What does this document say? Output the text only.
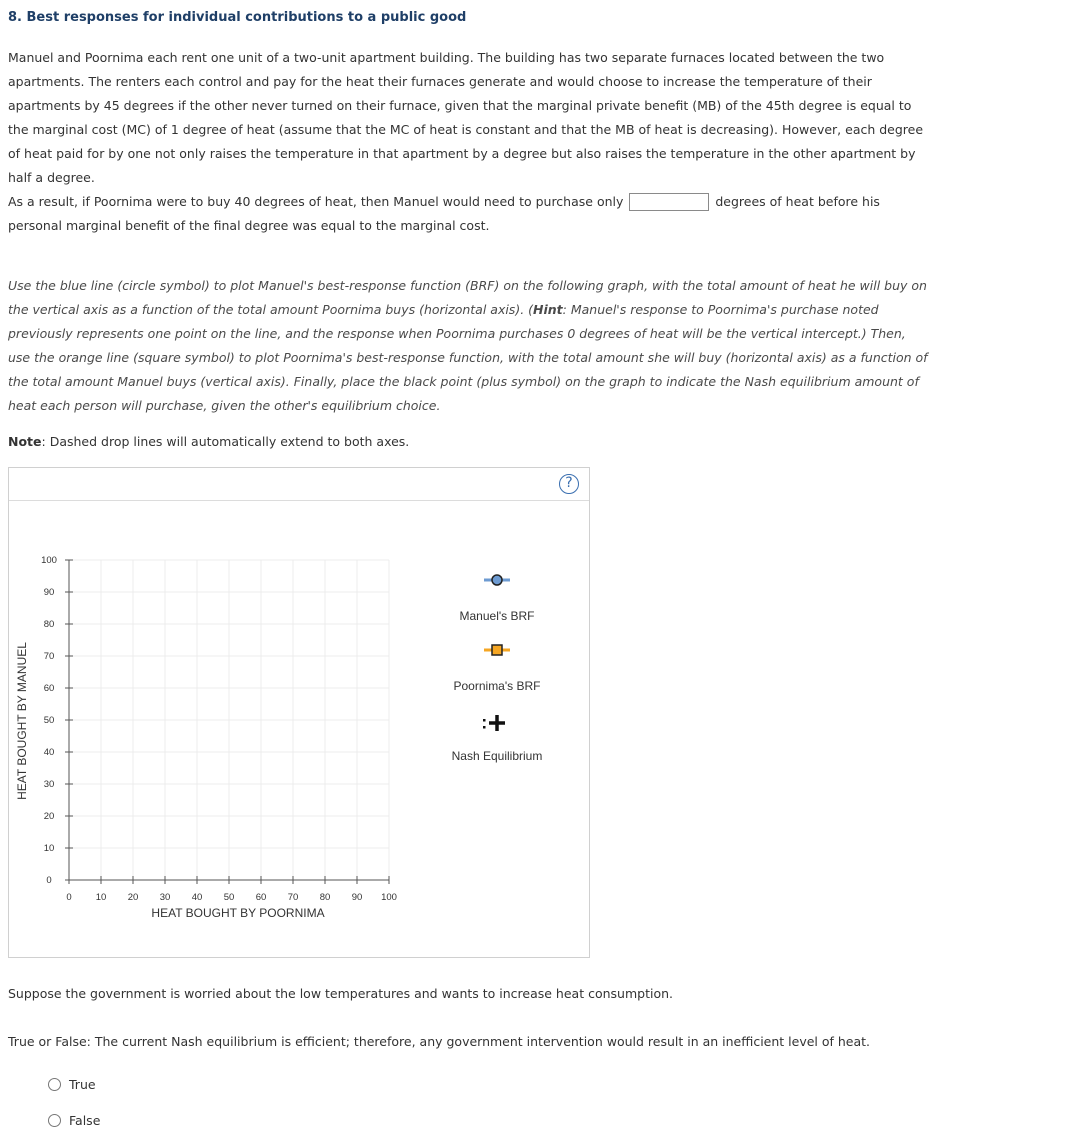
8. Best responses for individual contributions to a public good

Manuel and Poornima each rent one unit of a two-unit apartment building. The building has two separate furnaces located between the two apartments. The renters each control and pay for the heat their furnaces generate and would choose to increase the temperature of their apartments by 45 degrees if the other never turned on their furnace, given that the marginal private benefit (MB) of the 45th degree is equal to the marginal cost (MC) of 1 degree of heat (assume that the MC of heat is constant and that the MB of heat is decreasing). However, each degree of heat paid for by one not only raises the temperature in that apartment by a degree but also raises the temperature in the other apartment by half a degree.

As a result, if Poornima were to buy 40 degrees of heat, then Manuel would need to purchase only	degrees of heat before his personal marginal benefit of the final degree was equal to the marginal cost.

Use the blue line (circle symbol) to plot Manuel's best-response function (BRF) on the following graph, with the total amount of heat he will buy on the vertical axis as a function of the total amount Poornima buys (horizontal axis). (Hint: Manuel's response to Poornima's purchase noted previously represents one point on the line, and the response when Poornima purchases 0 degrees of heat will be the vertical intercept.) Then, use the orange line (square symbol) to plot Poornima's best-response function, with the total amount she will buy (horizontal axis) as a function of the total amount Manuel buys (vertical axis). Finally, place the black point (plus symbol) on the graph to indicate the Nash equilibrium amount of heat each person will purchase, given the other's equilibrium choice.

Note: Dashed drop lines will automatically extend to both axes.

?
0	10 20 30 40 50 60 70 80 90 100
0
10
20
30
40
50
60
70
80
90
100
HEAT BOUGHT BY POORNIMA
HEAT BOUGHT BY MANUEL
Manuel's BRF
Poornima's BRF
Nash Equilibrium

Suppose the government is worried about the low temperatures and wants to increase heat consumption.

True or False: The current Nash equilibrium is efficient; therefore, any government intervention would result in an inefficient level of heat.

True
False
